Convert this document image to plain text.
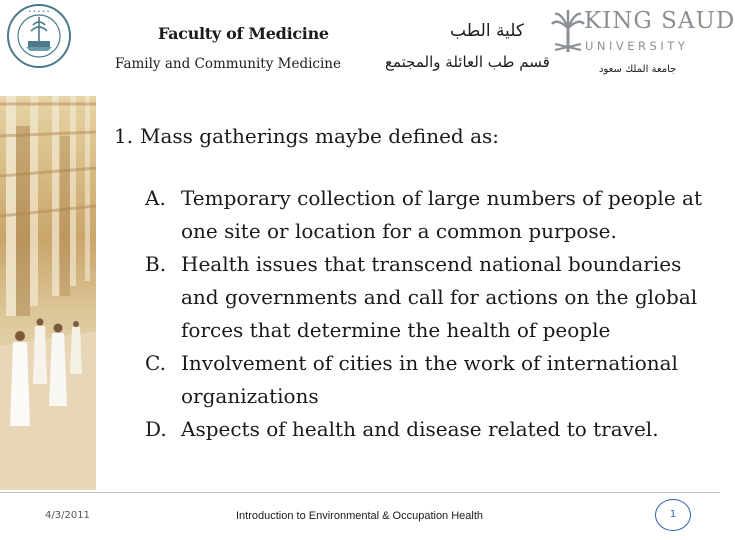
• • • • •
Faculty of Medicine
Family and Community Medicine
كلية الطب
قسم طب العائلة والمجتمع
KING SAUD
UNIVERSITY
جامعة الملك سعود
1. Mass gatherings maybe defined as:
A. Temporary collection of large numbers of people at one site or location for a common purpose.
B. Health issues that transcend national boundaries and governments and call for actions on the global forces that determine the health of people
C. Involvement of cities in the work of international organizations
D. Aspects of health and disease related to travel.
4/3/2011	Introduction to Environmental & Occupation Health	1
